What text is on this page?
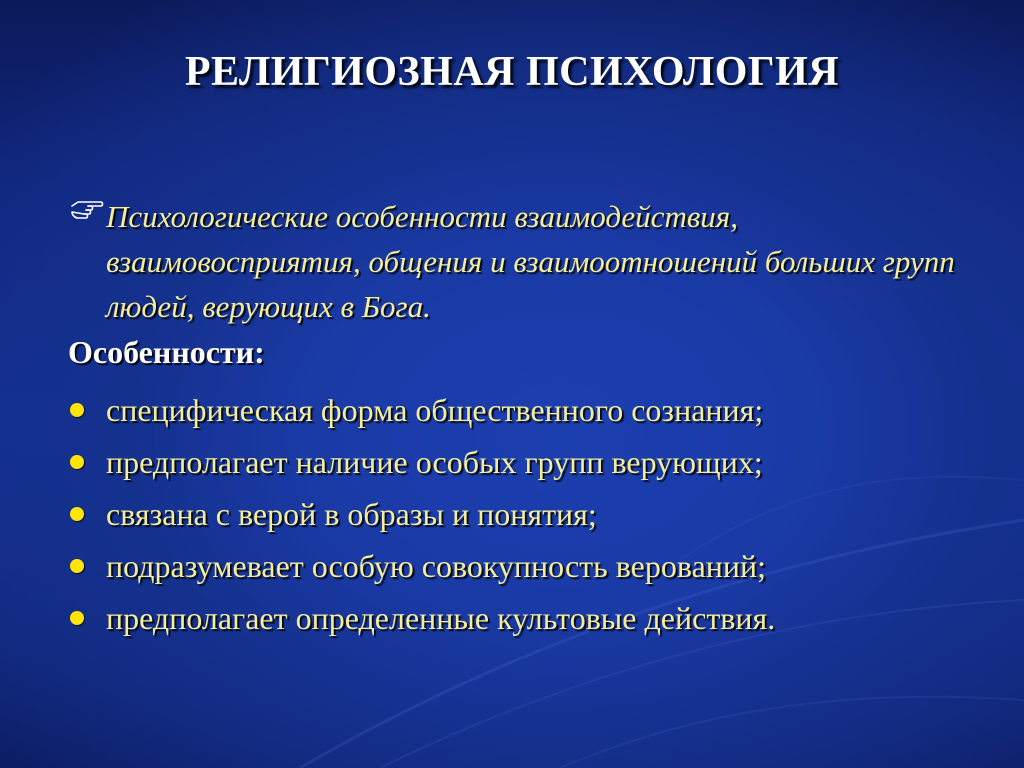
РЕЛИГИОЗНАЯ ПСИХОЛОГИЯ
Психологические особенности взаимодействия, взаимовосприятия, общения и взаимоотношений больших групп людей, верующих в Бога.
Особенности:
специфическая форма общественного сознания;
предполагает наличие особых групп верующих;
связана с верой в образы и понятия;
подразумевает особую совокупность верований;
предполагает определенные культовые действия.
